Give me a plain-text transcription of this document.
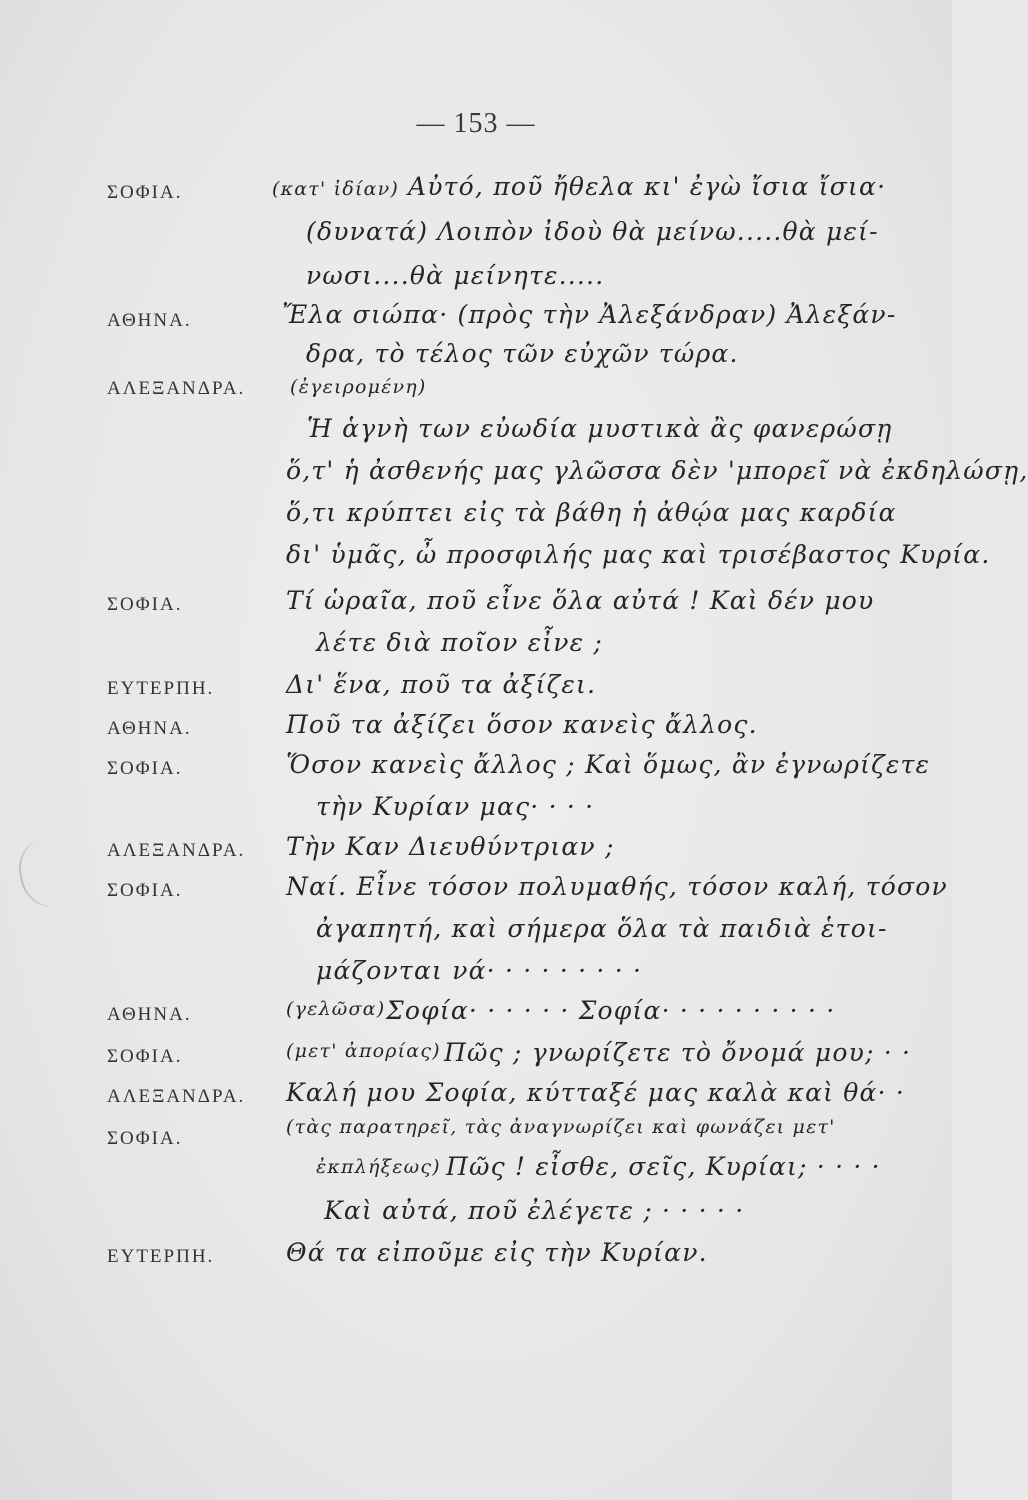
— 153 —
ΣΟΦΙΑ.	(κατ' ἰδίαν) Αὐτό, ποῦ ἤθελα κι' ἐγὼ ἴσια ἴσια·
(δυνατά) Λοιπὸν ἰδοὺ θὰ μείνω.....θὰ μεί-
νωσι....θὰ μείνητε.....
ΑΘΗΝΑ.	Ἔλα σιώπα· (πρὸς τὴν Ἀλεξάνδραν) Ἀλεξάν-
δρα, τὸ τέλος τῶν εὐχῶν τώρα.
ΑΛΕΞΑΝΔΡΑ. (ἐγειρομένη)
Ἡ ἁγνὴ των εὐωδία μυστικὰ ἂς φανερώσῃ
ὅ,τ' ἡ ἀσθενής μας γλῶσσα δὲν 'μπορεῖ νὰ ἐκδηλώσῃ,
ὅ,τι κρύπτει εἰς τὰ βάθη ἡ ἀθῴα μας καρδία
δι' ὑμᾶς, ὦ προσφιλής μας καὶ τρισέβαστος Κυρία.
ΣΟΦΙΑ.	Τί ὡραῖα, ποῦ εἶνε ὅλα αὐτά ! Καὶ δέν μου
λέτε διὰ ποῖον εἶνε ;
ΕΥΤΕΡΠΗ.	Δι' ἕνα, ποῦ τα ἀξίζει.
ΑΘΗΝΑ.	Ποῦ τα ἀξίζει ὅσον κανεὶς ἄλλος.
ΣΟΦΙΑ.	Ὅσον κανεὶς ἄλλος ; Καὶ ὅμως, ἂν ἐγνωρίζετε
τὴν Κυρίαν μας· · · ·
ΑΛΕΞΑΝΔΡΑ. Τὴν Καν Διευθύντριαν ;
ΣΟΦΙΑ.	Ναί. Εἶνε τόσον πολυμαθής, τόσον καλή, τόσον
ἀγαπητή, καὶ σήμερα ὅλα τὰ παιδιὰ ἑτοι-
μάζονται νά· · · · · · · · ·
ΑΘΗΝΑ.	(γελῶσα) Σοφία· · · · · · Σοφία· · · · · · · · · ·
ΣΟΦΙΑ.	(μετ' ἀπορίας) Πῶς ; γνωρίζετε τὸ ὄνομά μου; · ·
ΑΛΕΞΑΝΔΡΑ. Καλή μου Σοφία, κύτταξέ μας καλὰ καὶ θά· ·
ΣΟΦΙΑ.
(τὰς παρατηρεῖ, τὰς ἀναγνωρίζει καὶ φωνάζει μετ'
ἐκπλήξεως) Πῶς ! εἶσθε, σεῖς, Κυρίαι; · · · ·
Καὶ αὐτά, ποῦ ἐλέγετε ; · · · · ·
ΕΥΤΕΡΠΗ.	Θά τα εἰποῦμε εἰς τὴν Κυρίαν.
